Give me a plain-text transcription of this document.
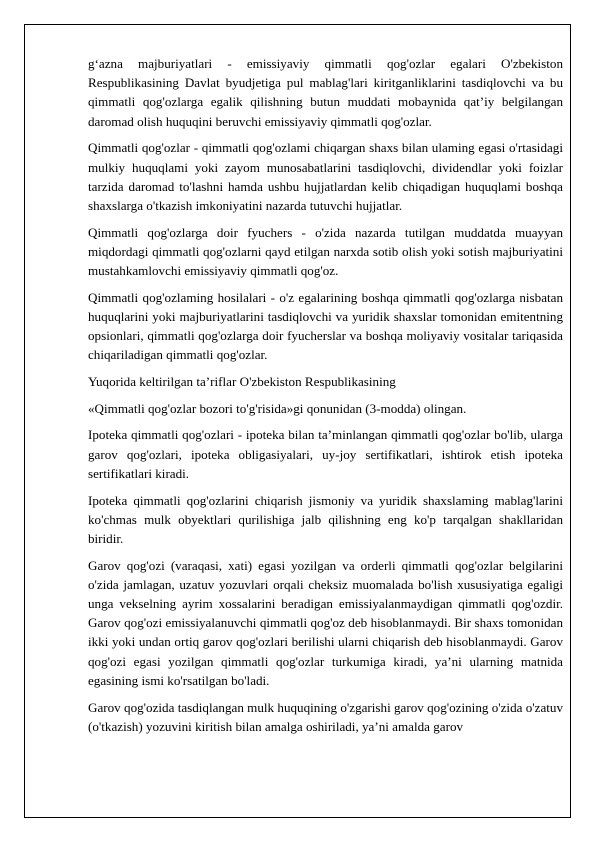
g‘azna majburiyatlari - emissiyaviy qimmatli qog'ozlar egalari O'zbekiston Respublikasining Davlat byudjetiga pul mablag'lari kiritganliklarini tasdiqlovchi va bu qimmatli qog'ozlarga egalik qilishning butun muddati mobaynida qat’iy belgilangan daromad olish huquqini beruvchi emissiyaviy qimmatli qog'ozlar.

Qimmatli qog'ozlar - qimmatli qog'ozlami chiqargan shaxs bilan ulaming egasi o'rtasidagi mulkiy huquqlami yoki zayom munosabatlarini tasdiqlovchi, dividendlar yoki foizlar tarzida daromad to'lashni hamda ushbu hujjatlardan kelib chiqadigan huquqlami boshqa shaxslarga o'tkazish imkoniyatini nazarda tutuvchi hujjatlar.

Qimmatli qog'ozlarga doir fyuchers - o'zida nazarda tutilgan muddatda muayyan miqdordagi qimmatli qog'ozlarni qayd etilgan narxda sotib olish yoki sotish majburiyatini mustahkamlovchi emissiyaviy qimmatli qog'oz.

Qimmatli qog'ozlaming hosilalari - o'z egalarining boshqa qimmatli qog'ozlarga nisbatan huquqlarini yoki majburiyatlarini tasdiqlovchi va yuridik shaxslar tomonidan emitentning opsionlari, qimmatli qog'ozlarga doir fyucherslar va boshqa moliyaviy vositalar tariqasida chiqariladigan qimmatli qog'ozlar.

Yuqorida keltirilgan ta’riflar O'zbekiston Respublikasining

«Qimmatli qog'ozlar bozori to'g'risida»gi qonunidan (3-modda) olingan.

Ipoteka qimmatli qog'ozlari - ipoteka bilan ta’minlangan qimmatli qog'ozlar bo'lib, ularga garov qog'ozlari, ipoteka obligasiyalari, uy-joy sertifikatlari, ishtirok etish ipoteka sertifikatlari kiradi.

Ipoteka qimmatli qog'ozlarini chiqarish jismoniy va yuridik shaxslaming mablag'larini ko'chmas mulk obyektlari qurilishiga jalb qilishning eng ko'p tarqalgan shakllaridan biridir.

Garov qog'ozi (varaqasi, xati) egasi yozilgan va orderli qimmatli qog'ozlar belgilarini o'zida jamlagan, uzatuv yozuvlari orqali cheksiz muomalada bo'lish xususiyatiga egaligi unga vekselning ayrim xossalarini beradigan emissiyalanmaydigan qimmatli qog'ozdir. Garov qog'ozi emissiyalanuvchi qimmatli qog'oz deb hisoblanmaydi. Bir shaxs tomonidan ikki yoki undan ortiq garov qog'ozlari berilishi ularni chiqarish deb hisoblanmaydi. Garov qog'ozi egasi yozilgan qimmatli qog'ozlar turkumiga kiradi, ya’ni ularning matnida egasining ismi ko'rsatilgan bo'ladi.

Garov qog'ozida tasdiqlangan mulk huquqining o'zgarishi garov qog'ozining o'zida o'zatuv (o'tkazish) yozuvini kiritish bilan amalga oshiriladi, ya’ni amalda garov
